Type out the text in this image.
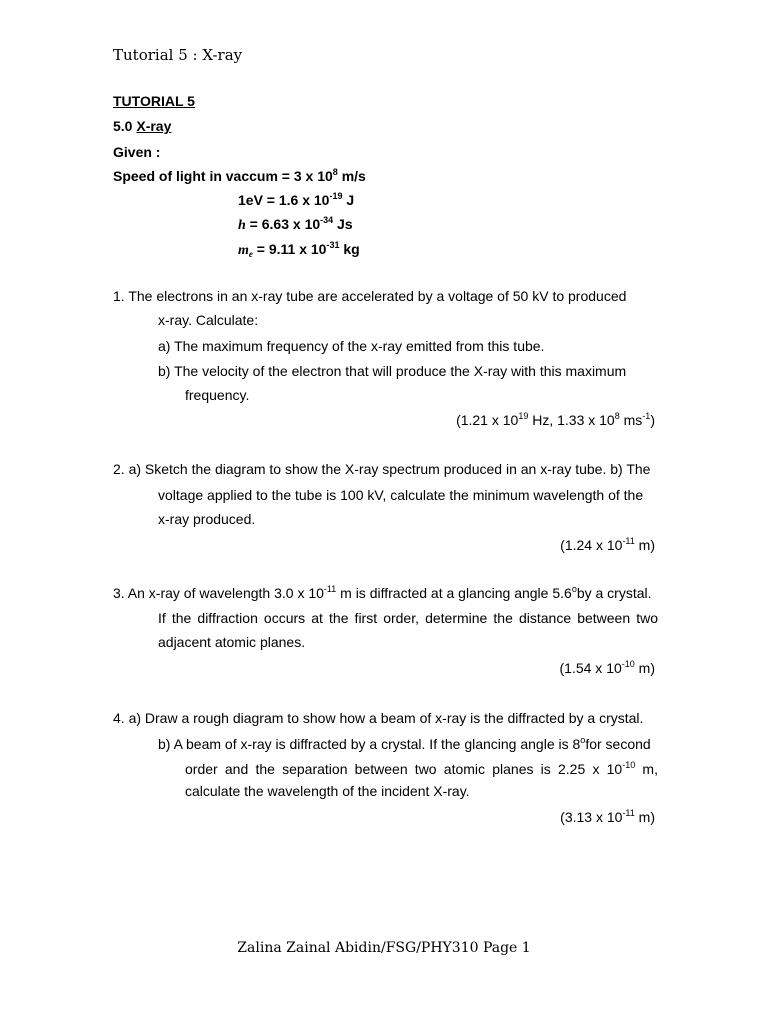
Tutorial 5 : X-ray
TUTORIAL 5
5.0 X-ray
Given :
Speed of light in vaccum = 3 x $10^8$ m/s
1eV = 1.6 x $10^{-19}$ J
h = 6.63 x $10^{-34}$ Js
$m_e = 9.11$ x $10^{-31}$ kg
1. The electrons in an x-ray tube are accelerated by a voltage of 50 kV to produced
x-ray. Calculate:
a) The maximum frequency of the x-ray emitted from this tube.
b) The velocity of the electron that will produce the X-ray with this maximum
frequency.
(1.21 x $10^{19}$ Hz, 1.33 x $10^8$ $ms^{-1}$)
2. a) Sketch the diagram to show the X-ray spectrum produced in an x-ray tube. b) The
voltage applied to the tube is 100 kV, calculate the minimum wavelength of the
x-ray produced.
(1.24 x $10^{-11}$ m)
3. An x-ray of wavelength 3.0 x $10^{-11}$ m is diffracted at a glancing angle 5.6$^o$by a crystal.
If the diffraction occurs at the first order, determine the distance between two
adjacent atomic planes.
(1.54 x $10^{-10}$ m)
4. a) Draw a rough diagram to show how a beam of x-ray is the diffracted by a crystal.
b) A beam of x-ray is diffracted by a crystal. If the glancing angle is 8$^o$for second
order and the separation between two atomic planes is 2.25 x $10^{-10}$ m,
calculate the wavelength of the incident X-ray.
(3.13 x $10^{-11}$ m)
Zalina Zainal Abidin/FSG/PHY310 Page 1
